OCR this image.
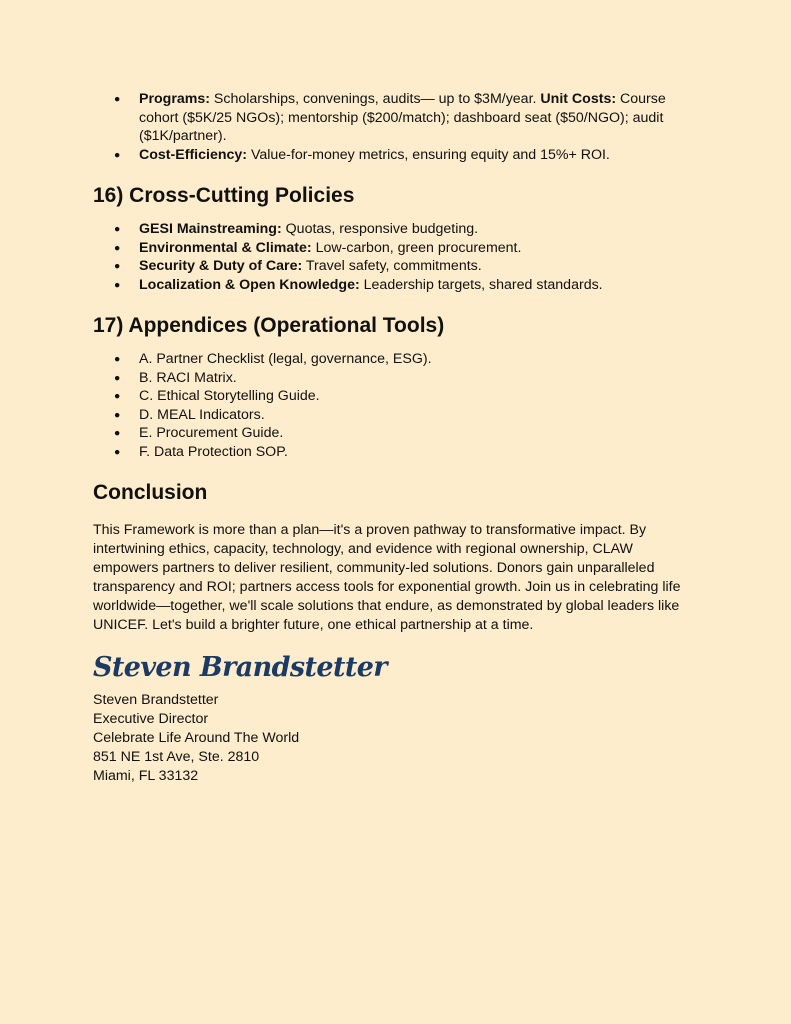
● Programs: Scholarships, convenings, audits— up to $3M/year. Unit Costs: Course cohort ($5K/25 NGOs); mentorship ($200/match); dashboard seat ($50/NGO); audit ($1K/partner).
● Cost-Efficiency: Value-for-money metrics, ensuring equity and 15%+ ROI.
16) Cross-Cutting Policies
● GESI Mainstreaming: Quotas, responsive budgeting.
● Environmental & Climate: Low-carbon, green procurement.
● Security & Duty of Care: Travel safety, commitments.
● Localization & Open Knowledge: Leadership targets, shared standards.
17) Appendices (Operational Tools)
● A. Partner Checklist (legal, governance, ESG).
● B. RACI Matrix.
● C. Ethical Storytelling Guide.
● D. MEAL Indicators.
● E. Procurement Guide.
● F. Data Protection SOP.
Conclusion

This Framework is more than a plan—it's a proven pathway to transformative impact. By intertwining ethics, capacity, technology, and evidence with regional ownership, CLAW empowers partners to deliver resilient, community-led solutions. Donors gain unparalleled transparency and ROI; partners access tools for exponential growth. Join us in celebrating life worldwide—together, we'll scale solutions that endure, as demonstrated by global leaders like UNICEF. Let's build a brighter future, one ethical partnership at a time.

Steven Brandstetter
Steven Brandstetter
Executive Director
Celebrate Life Around The World
851 NE 1st Ave, Ste. 2810
Miami, FL 33132
